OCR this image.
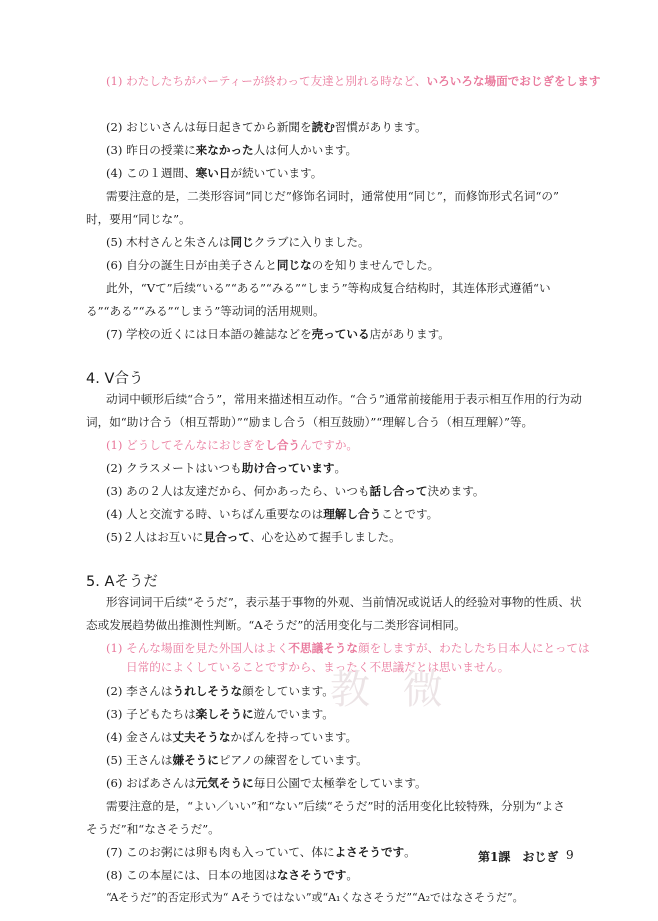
(1) わたしたちがパーティーが終わって友達と別れる時など、いろいろな場面でおじぎをします
(2) おじいさんは毎日起きてから新聞を読む習慣があります。
(3) 昨日の授業に来なかった人は何人かいます。
(4) この１週間、寒い日が続いています。
需要注意的是，二类形容词“同じだ”修饰名词时，通常使用“同じ”，而修饰形式名词“の”
时，要用“同じな”。
(5) 木村さんと朱さんは同じクラブに入りました。
(6) 自分の誕生日が由美子さんと同じなのを知りませんでした。
此外，“Vて”后续“いる”“ある”“みる”“しまう”等构成复合结构时，其连体形式遵循“い
る”“ある”“みる”“しまう”等动词的活用规则。
(7) 学校の近くには日本語の雑誌などを売っている店があります。
4. V合う
动词中顿形后续“合う”，常用来描述相互动作。“合う”通常前接能用于表示相互作用的行为动
词，如“助け合う（相互帮助）”“励まし合う（相互鼓励）”“理解し合う（相互理解）”等。
(1) どうしてそんなにおじぎをし合うんですか。
(2) クラスメートはいつも助け合っています。
(3) あの２人は友達だから、何かあったら、いつも話し合って決めます。
(4) 人と交流する時、いちばん重要なのは理解し合うことです。
(5)２人はお互いに見合って、心を込めて握手しました。
5. Aそうだ
形容词词干后续“そうだ”，表示基于事物的外观、当前情况或说话人的经验对事物的性质、状
态或发展趋势做出推测性判断。“Aそうだ”的活用变化与二类形容词相同。
(1) そんな場面を見た外国人はよく不思議そうな顔をしますが、わたしたち日本人にとっては
日常的によくしていることですから、まったく不思議だとは思いません。
教 微
(2) 李さんはうれしそうな顔をしています。
(3) 子どもたちは楽しそうに遊んでいます。
(4) 金さんは丈夫そうなかばんを持っています。
(5) 王さんは嫌そうにピアノの練習をしています。
(6) おばあさんは元気そうに毎日公園で太極拳をしています。
需要注意的是，“よい／いい”和“ない”后续“そうだ”时的活用变化比较特殊，分别为“よさ
そうだ”和“なさそうだ”。
(7) このお粥には卵も肉も入っていて、体によさそうです。
(8) この本屋には、日本の地図はなさそうです。
“Aそうだ”的否定形式为“ Aそうではない”或“A₁くなさそうだ”“A₂ではなさそうだ”。
第1課　おじぎ 9
